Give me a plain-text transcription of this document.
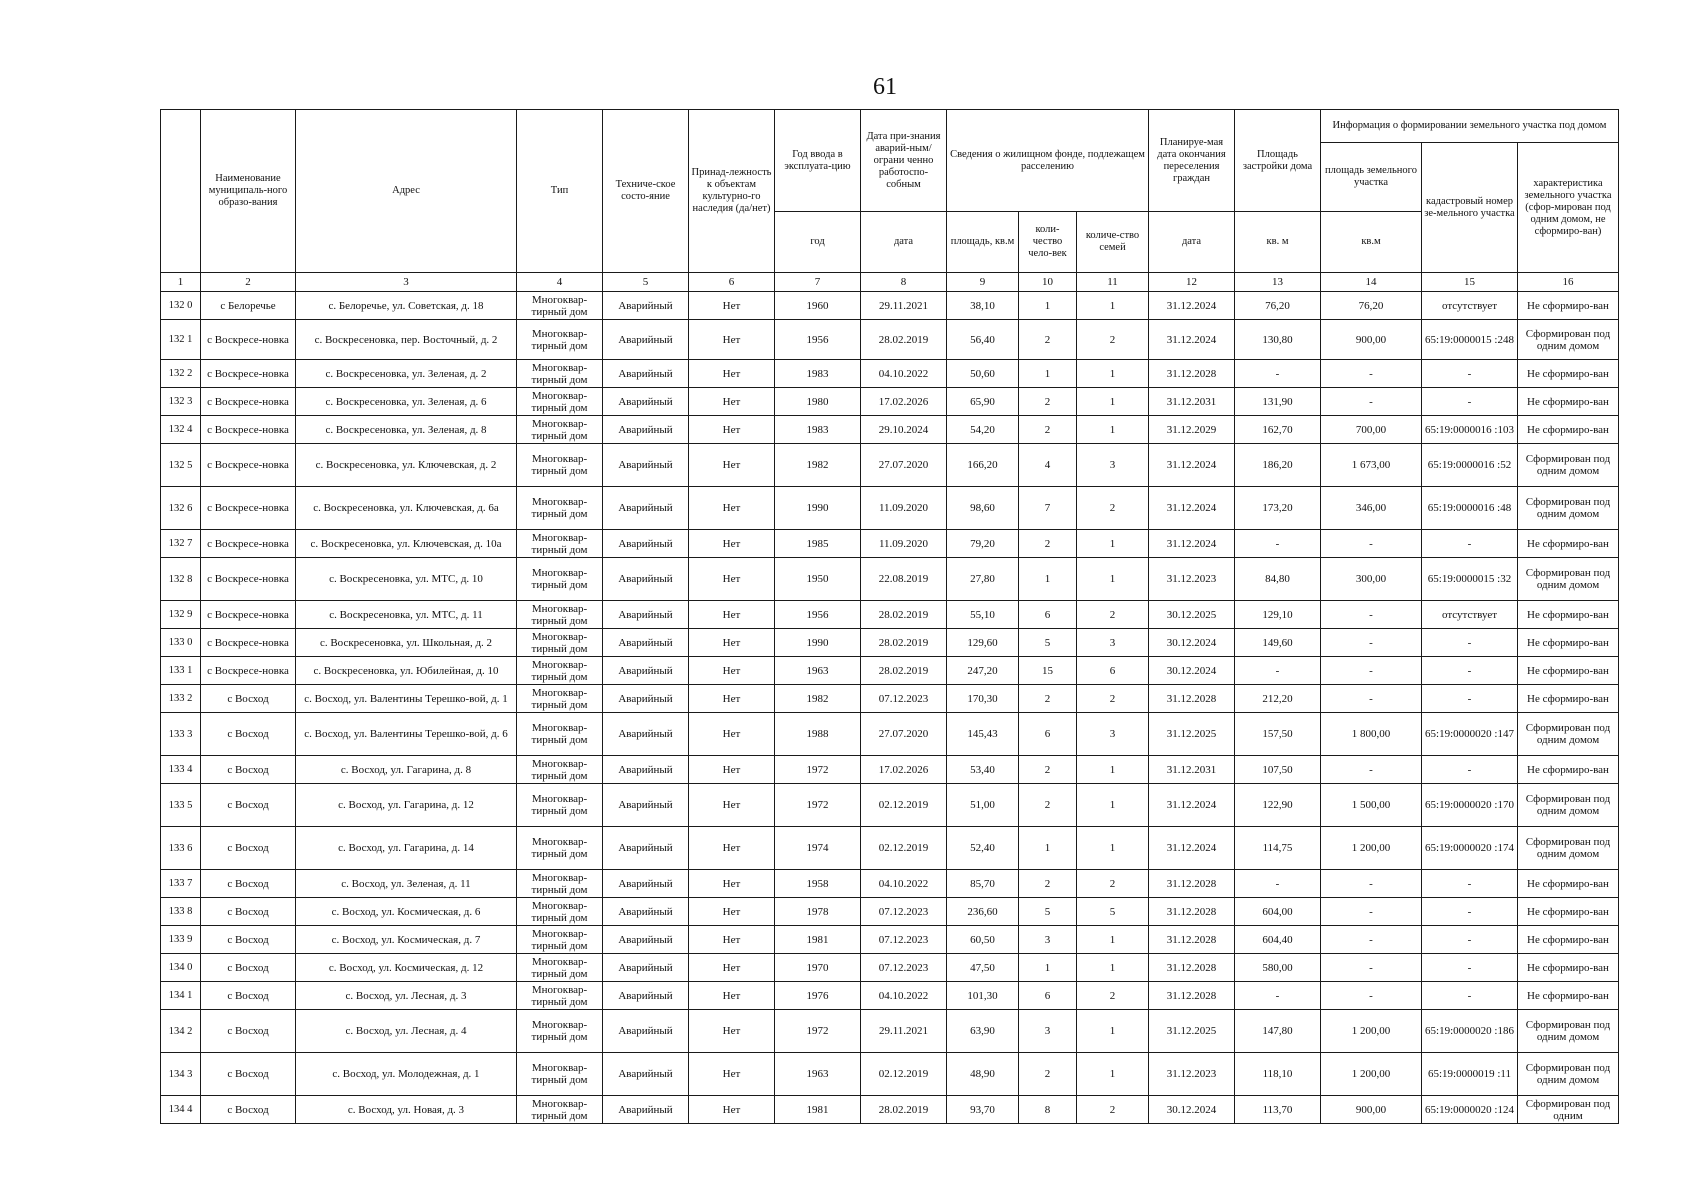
61
	Наименование муниципаль-ного образо-вания	Адрес	Тип	Техниче-ское состо-яние	Принад-лежность к объектам культурно-го наследия (да/нет)	Год ввода в эксплуата-цию	Дата при-знания аварий-ным/ограни ченно работоспо-собным	Сведения о жилищном фонде, подлежащем расселению			Планируе-мая дата окончания переселения граждан	Площадь застройки дома	Информация о формировании земельного участка под домом		
													площадь земельного участка	кадастровый номер зе-мельного участка	характеристика земельного участка (сфор-мирован под одним домом, не сформиро-ван)
						год	дата	площадь, кв.м	коли-чество чело-век	количе-ство семей	дата	кв. м	кв.м		
1	2	3	4	5	6	7	8	9	10	11	12	13	14	15	16
132 0	с Белоречье	с. Белоречье, ул. Советская, д. 18	Многоквар-тирный дом	Аварийный	Нет	1960	29.11.2021	38,10	1	1	31.12.2024	76,20	76,20	отсутствует	Не сформиро-ван
132 1	с Воскресе-новка	с. Воскресеновка, пер. Восточный, д. 2	Многоквар-тирный дом	Аварийный	Нет	1956	28.02.2019	56,40	2	2	31.12.2024	130,80	900,00	65:19:0000015 :248	Сформирован под одним домом
132 2	с Воскресе-новка	с. Воскресеновка, ул. Зеленая, д. 2	Многоквар-тирный дом	Аварийный	Нет	1983	04.10.2022	50,60	1	1	31.12.2028	-	-	-	Не сформиро-ван
132 3	с Воскресе-новка	с. Воскресеновка, ул. Зеленая, д. 6	Многоквар-тирный дом	Аварийный	Нет	1980	17.02.2026	65,90	2	1	31.12.2031	131,90	-	-	Не сформиро-ван
132 4	с Воскресе-новка	с. Воскресеновка, ул. Зеленая, д. 8	Многоквар-тирный дом	Аварийный	Нет	1983	29.10.2024	54,20	2	1	31.12.2029	162,70	700,00	65:19:0000016 :103	Не сформиро-ван
132 5	с Воскресе-новка	с. Воскресеновка, ул. Ключевская, д. 2	Многоквар-тирный дом	Аварийный	Нет	1982	27.07.2020	166,20	4	3	31.12.2024	186,20	1 673,00	65:19:0000016 :52	Сформирован под одним домом
132 6	с Воскресе-новка	с. Воскресеновка, ул. Ключевская, д. 6а	Многоквар-тирный дом	Аварийный	Нет	1990	11.09.2020	98,60	7	2	31.12.2024	173,20	346,00	65:19:0000016 :48	Сформирован под одним домом
132 7	с Воскресе-новка	с. Воскресеновка, ул. Ключевская, д. 10а	Многоквар-тирный дом	Аварийный	Нет	1985	11.09.2020	79,20	2	1	31.12.2024	-	-	-	Не сформиро-ван
132 8	с Воскресе-новка	с. Воскресеновка, ул. МТС, д. 10	Многоквар-тирный дом	Аварийный	Нет	1950	22.08.2019	27,80	1	1	31.12.2023	84,80	300,00	65:19:0000015 :32	Сформирован под одним домом
132 9	с Воскресе-новка	с. Воскресеновка, ул. МТС, д. 11	Многоквар-тирный дом	Аварийный	Нет	1956	28.02.2019	55,10	6	2	30.12.2025	129,10	-	отсутствует	Не сформиро-ван
133 0	с Воскресе-новка	с. Воскресеновка, ул. Школьная, д. 2	Многоквар-тирный дом	Аварийный	Нет	1990	28.02.2019	129,60	5	3	30.12.2024	149,60	-	-	Не сформиро-ван
133 1	с Воскресе-новка	с. Воскресеновка, ул. Юбилейная, д. 10	Многоквар-тирный дом	Аварийный	Нет	1963	28.02.2019	247,20	15	6	30.12.2024	-	-	-	Не сформиро-ван
133 2	с Восход	с. Восход, ул. Валентины Терешко-вой, д. 1	Многоквар-тирный дом	Аварийный	Нет	1982	07.12.2023	170,30	2	2	31.12.2028	212,20	-	-	Не сформиро-ван
133 3	с Восход	с. Восход, ул. Валентины Терешко-вой, д. 6	Многоквар-тирный дом	Аварийный	Нет	1988	27.07.2020	145,43	6	3	31.12.2025	157,50	1 800,00	65:19:0000020 :147	Сформирован под одним домом
133 4	с Восход	с. Восход, ул. Гагарина, д. 8	Многоквар-тирный дом	Аварийный	Нет	1972	17.02.2026	53,40	2	1	31.12.2031	107,50	-	-	Не сформиро-ван
133 5	с Восход	с. Восход, ул. Гагарина, д. 12	Многоквар-тирный дом	Аварийный	Нет	1972	02.12.2019	51,00	2	1	31.12.2024	122,90	1 500,00	65:19:0000020 :170	Сформирован под одним домом
133 6	с Восход	с. Восход, ул. Гагарина, д. 14	Многоквар-тирный дом	Аварийный	Нет	1974	02.12.2019	52,40	1	1	31.12.2024	114,75	1 200,00	65:19:0000020 :174	Сформирован под одним домом
133 7	с Восход	с. Восход, ул. Зеленая, д. 11	Многоквар-тирный дом	Аварийный	Нет	1958	04.10.2022	85,70	2	2	31.12.2028	-	-	-	Не сформиро-ван
133 8	с Восход	с. Восход, ул. Космическая, д. 6	Многоквар-тирный дом	Аварийный	Нет	1978	07.12.2023	236,60	5	5	31.12.2028	604,00	-	-	Не сформиро-ван
133 9	с Восход	с. Восход, ул. Космическая, д. 7	Многоквар-тирный дом	Аварийный	Нет	1981	07.12.2023	60,50	3	1	31.12.2028	604,40	-	-	Не сформиро-ван
134 0	с Восход	с. Восход, ул. Космическая, д. 12	Многоквар-тирный дом	Аварийный	Нет	1970	07.12.2023	47,50	1	1	31.12.2028	580,00	-	-	Не сформиро-ван
134 1	с Восход	с. Восход, ул. Лесная, д. 3	Многоквар-тирный дом	Аварийный	Нет	1976	04.10.2022	101,30	6	2	31.12.2028	-	-	-	Не сформиро-ван
134 2	с Восход	с. Восход, ул. Лесная, д. 4	Многоквар-тирный дом	Аварийный	Нет	1972	29.11.2021	63,90	3	1	31.12.2025	147,80	1 200,00	65:19:0000020 :186	Сформирован под одним домом
134 3	с Восход	с. Восход, ул. Молодежная, д. 1	Многоквар-тирный дом	Аварийный	Нет	1963	02.12.2019	48,90	2	1	31.12.2023	118,10	1 200,00	65:19:0000019 :11	Сформирован под одним домом
134 4	с Восход	с. Восход, ул. Новая, д. 3	Многоквар-тирный дом	Аварийный	Нет	1981	28.02.2019	93,70	8	2	30.12.2024	113,70	900,00	65:19:0000020 :124	Сформирован под одним
